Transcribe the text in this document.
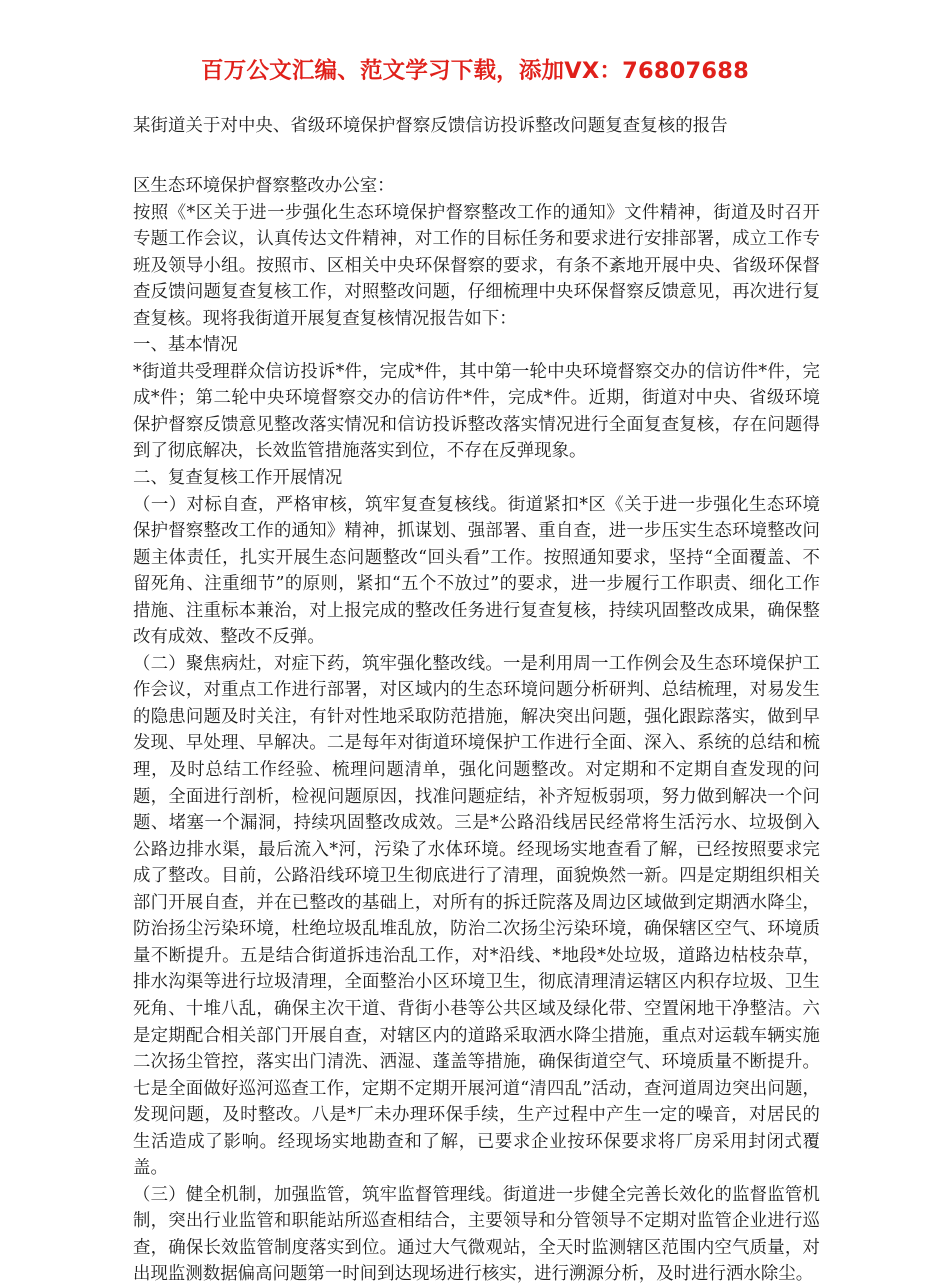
百万公文汇编、范文学习下载，添加VX：76807688
某街道关于对中央、省级环境保护督察反馈信访投诉整改问题复查复核的报告

区生态环境保护督察整改办公室：

按照《*区关于进一步强化生态环境保护督察整改工作的通知》文件精神，街道及时召开专题工作会议，认真传达文件精神，对工作的目标任务和要求进行安排部署，成立工作专班及领导小组。按照市、区相关中央环保督察的要求，有条不紊地开展中央、省级环保督查反馈问题复查复核工作，对照整改问题，仔细梳理中央环保督察反馈意见，再次进行复查复核。现将我街道开展复查复核情况报告如下：

一、基本情况

*街道共受理群众信访投诉*件，完成*件，其中第一轮中央环境督察交办的信访件*件，完成*件；第二轮中央环境督察交办的信访件*件，完成*件。近期，街道对中央、省级环境保护督察反馈意见整改落实情况和信访投诉整改落实情况进行全面复查复核，存在问题得到了彻底解决，长效监管措施落实到位，不存在反弹现象。

二、复查复核工作开展情况

（一）对标自查，严格审核，筑牢复查复核线。街道紧扣*区《关于进一步强化生态环境保护督察整改工作的通知》精神，抓谋划、强部署、重自查，进一步压实生态环境整改问题主体责任，扎实开展生态问题整改“回头看”工作。按照通知要求，坚持“全面覆盖、不留死角、注重细节”的原则，紧扣“五个不放过”的要求，进一步履行工作职责、细化工作措施、注重标本兼治，对上报完成的整改任务进行复查复核，持续巩固整改成果，确保整改有成效、整改不反弹。

（二）聚焦病灶，对症下药，筑牢强化整改线。一是利用周一工作例会及生态环境保护工作会议，对重点工作进行部署，对区域内的生态环境问题分析研判、总结梳理，对易发生的隐患问题及时关注，有针对性地采取防范措施，解决突出问题，强化跟踪落实，做到早发现、早处理、早解决。二是每年对街道环境保护工作进行全面、深入、系统的总结和梳理，及时总结工作经验、梳理问题清单，强化问题整改。对定期和不定期自查发现的问题，全面进行剖析，检视问题原因，找准问题症结，补齐短板弱项，努力做到解决一个问题、堵塞一个漏洞，持续巩固整改成效。三是*公路沿线居民经常将生活污水、垃圾倒入公路边排水渠，最后流入*河，污染了水体环境。经现场实地查看了解，已经按照要求完成了整改。目前，公路沿线环境卫生彻底进行了清理，面貌焕然一新。四是定期组织相关部门开展自查，并在已整改的基础上，对所有的拆迁院落及周边区域做到定期洒水降尘，防治扬尘污染环境，杜绝垃圾乱堆乱放，防治二次扬尘污染环境，确保辖区空气、环境质量不断提升。五是结合街道拆违治乱工作，对*沿线、*地段*处垃圾，道路边枯枝杂草，排水沟渠等进行垃圾清理，全面整治小区环境卫生，彻底清理清运辖区内积存垃圾、卫生死角、十堆八乱，确保主次干道、背街小巷等公共区域及绿化带、空置闲地干净整洁。六是定期配合相关部门开展自查，对辖区内的道路采取洒水降尘措施，重点对运载车辆实施二次扬尘管控，落实出门清洗、洒湿、蓬盖等措施，确保街道空气、环境质量不断提升。七是全面做好巡河巡查工作，定期不定期开展河道“清四乱”活动，查河道周边突出问题，发现问题，及时整改。八是*厂未办理环保手续，生产过程中产生一定的噪音，对居民的生活造成了影响。经现场实地勘查和了解，已要求企业按环保要求将厂房采用封闭式覆盖。

（三）健全机制，加强监管，筑牢监督管理线。街道进一步健全完善长效化的监督监管机制，突出行业监管和职能站所巡查相结合，主要领导和分管领导不定期对监管企业进行巡查，确保长效监管制度落实到位。通过大气微观站，全天时监测辖区范围内空气质量，对出现监测数据偏高问题第一时间到达现场进行核实，进行溯源分析，及时进行洒水除尘。
